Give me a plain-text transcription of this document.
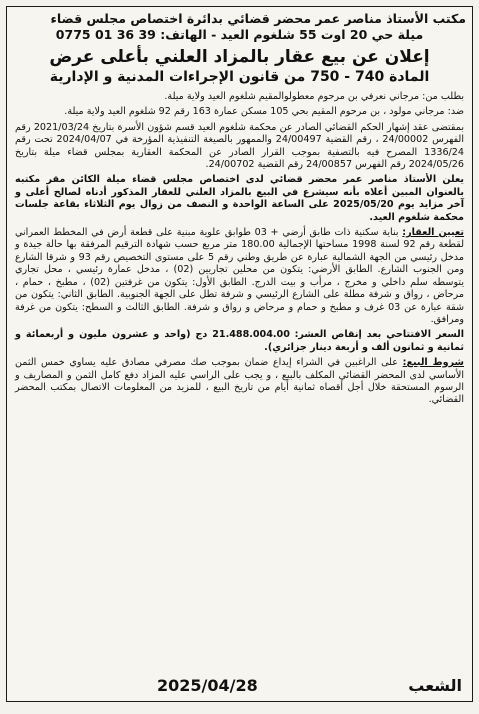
مكتب الأستاذ مناصر عمر محضر قضائي بدائرة اختصاص مجلس قضاء
ميلة حي 20 اوت 55 شلغوم العيد - الهاتف: 39 36 01 0775
إعلان عن بيع عقار بالمزاد العلني بأعلى عرض
المادة 740 - 750 من قانون الإجراءات المدنية و الإدارية

بطلب من: مرجاني نعرفي بن مرحوم معطولوالمقيم شلغوم العيد ولاية ميلة.

ضد: مرجاني مولود ، بن مرحوم المقيم بحي 105 مسكن عمارة 163 رقم 92 شلغوم العيد ولاية ميلة.

بمقتضى عقد إشهار الحكم القضائي الصادر عن محكمة شلغوم العيد قسم شؤون الأسرة بتاريخ 2021/03/24 رقم الفهرس 24/00002 ، رقم القضية 24/00497 والممهور بالصيغة التنفيذية المؤرخة في 2024/04/07 تحت رقم 1336/24 المصرح فيه بالتصفية بموجب القرار الصادر عن المحكمة العقارية بمجلس قضاء ميلة بتاريخ 2024/05/26 رقم الفهرس 24/00857 رقم القضية 24/00702.

يعلن الأستاذ مناصر عمر محضر قضائي لدى اختصاص مجلس قضاء ميلة الكائن مقر مكتبه بالعنوان المبين أعلاه بأنه سيشرع في البيع بالمزاد العلني للعقار المذكور أدناه لصالح أعلى و آخر مزايد يوم 2025/05/20 على الساعة الواحدة و النصف من زوال يوم الثلاثاء بقاعة جلسات محكمة شلغوم العيد.

تعيين العقار: بناية سكنية ذات طابق أرضي + 03 طوابق علوية مبنية على قطعة أرض في المخطط العمراني لقطعة رقم 92 لسنة 1998 مساحتها الإجمالية 180.00 متر مربع حسب شهادة الترقيم المرفقة بها حالة جيدة و مدخل رئيسي من الجهة الشمالية عبارة عن طريق وطني رقم 5 على مستوى التخصيص رقم 93 و شرقا الشارع ومن الجنوب الشارع. الطابق الأرضي: يتكون من محلين تجاريين (02) ، مدخل عمارة رئيسي ، محل تجاري يتوسطه سلم داخلي و مخرج ، مرأب و بيت الدرج. الطابق الأول: يتكون من غرفتين (02) ، مطبخ ، حمام ، مرحاض ، رواق و شرفة مطلة على الشارع الرئيسي و شرفة تطل على الجهة الجنوبية. الطابق الثاني: يتكون من شقة عبارة عن 03 غرف و مطبخ و حمام و مرحاض و رواق و شرفة. الطابق الثالث و السطح: يتكون من غرفة ومرافق.

السعر الافتتاحي بعد إنقاص العشر: 21.488.004.00 دج (واحد و عشرون مليون و أربعمائة و ثمانية و ثمانون ألف و أربعة دينار جزائري).

شروط البيع: على الراغبين في الشراء إيداع ضمان بموجب صك مصرفي مصادق عليه يساوي خمس الثمن الأساسي لدى المحضر القضائي المكلف بالبيع ، و يجب على الراسي عليه المزاد دفع كامل الثمن و المصاريف و الرسوم المستحقة خلال أجل أقصاه ثمانية أيام من تاريخ البيع ، للمزيد من المعلومات الاتصال بمكتب المحضر القضائي.

الشعب
2025/04/28
